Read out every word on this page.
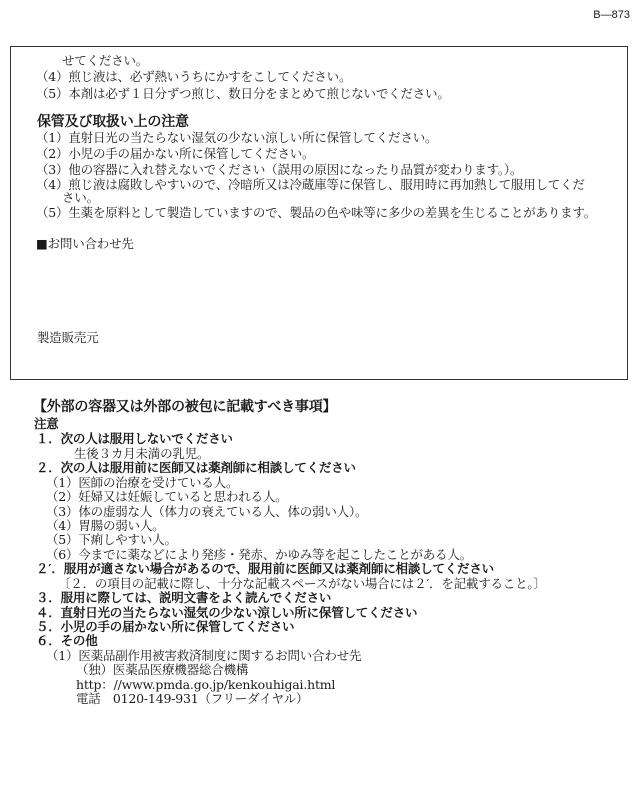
B―873
せてください。
（4）煎じ液は、必ず熱いうちにかすをこしてください。
（5）本剤は必ず１日分ずつ煎じ、数日分をまとめて煎じないでください。
保管及び取扱い上の注意
（1）直射日光の当たらない湿気の少ない涼しい所に保管してください。
（2）小児の手の届かない所に保管してください。
（3）他の容器に入れ替えないでください（誤用の原因になったり品質が変わります。）。
（4）煎じ液は腐敗しやすいので、冷暗所又は冷蔵庫等に保管し、服用時に再加熱して服用してくだ
さい。
（5）生薬を原料として製造していますので、製品の色や味等に多少の差異を生じることがあります。
■お問い合わせ先
製造販売元
【外部の容器又は外部の被包に記載すべき事項】
注意
１．次の人は服用しないでください
生後３カ月未満の乳児。
２．次の人は服用前に医師又は薬剤師に相談してください
（1）医師の治療を受けている人。
（2）妊婦又は妊娠していると思われる人。
（3）体の虚弱な人（体力の衰えている人、体の弱い人）。
（4）胃腸の弱い人。
（5）下痢しやすい人。
（6）今までに薬などにより発疹・発赤、かゆみ等を起こしたことがある人。
２′．服用が適さない場合があるので、服用前に医師又は薬剤師に相談してください
〔２．の項目の記載に際し、十分な記載スペースがない場合には２′．を記載すること。〕
３．服用に際しては、説明文書をよく読んでください
４．直射日光の当たらない湿気の少ない涼しい所に保管してください
５．小児の手の届かない所に保管してください
６．その他
（1）医薬品副作用被害救済制度に関するお問い合わせ先
（独）医薬品医療機器総合機構
http：//www.pmda.go.jp/kenkouhigai.html
電話　0120-149-931（フリーダイヤル）
